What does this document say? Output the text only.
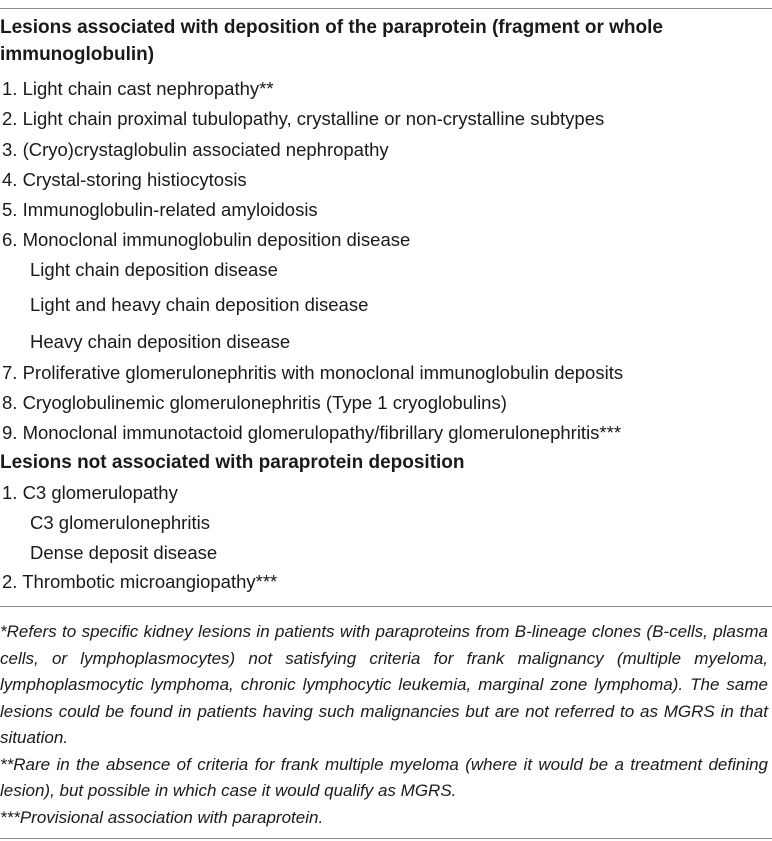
Lesions associated with deposition of the paraprotein (fragment or whole
immunoglobulin)
1. Light chain cast nephropathy**
2. Light chain proximal tubulopathy, crystalline or non-crystalline subtypes
3. (Cryo)crystaglobulin associated nephropathy
4. Crystal-storing histiocytosis
5. Immunoglobulin-related amyloidosis
6. Monoclonal immunoglobulin deposition disease
Light chain deposition disease
Light and heavy chain deposition disease
Heavy chain deposition disease
7. Proliferative glomerulonephritis with monoclonal immunoglobulin deposits
8. Cryoglobulinemic glomerulonephritis (Type 1 cryoglobulins)
9. Monoclonal immunotactoid glomerulopathy/fibrillary glomerulonephritis***
Lesions not associated with paraprotein deposition
1. C3 glomerulopathy
C3 glomerulonephritis
Dense deposit disease
2. Thrombotic microangiopathy***

*Refers to specific kidney lesions in patients with paraproteins from B-lineage clones (B-cells, plasma cells, or lymphoplasmocytes) not satisfying criteria for frank malignancy (multiple myeloma, lymphoplasmocytic lymphoma, chronic lymphocytic leukemia, marginal zone lymphoma). The same lesions could be found in patients having such malignancies but are not referred to as MGRS in that situation.

**Rare in the absence of criteria for frank multiple myeloma (where it would be a treatment defining lesion), but possible in which case it would qualify as MGRS.

***Provisional association with paraprotein.
